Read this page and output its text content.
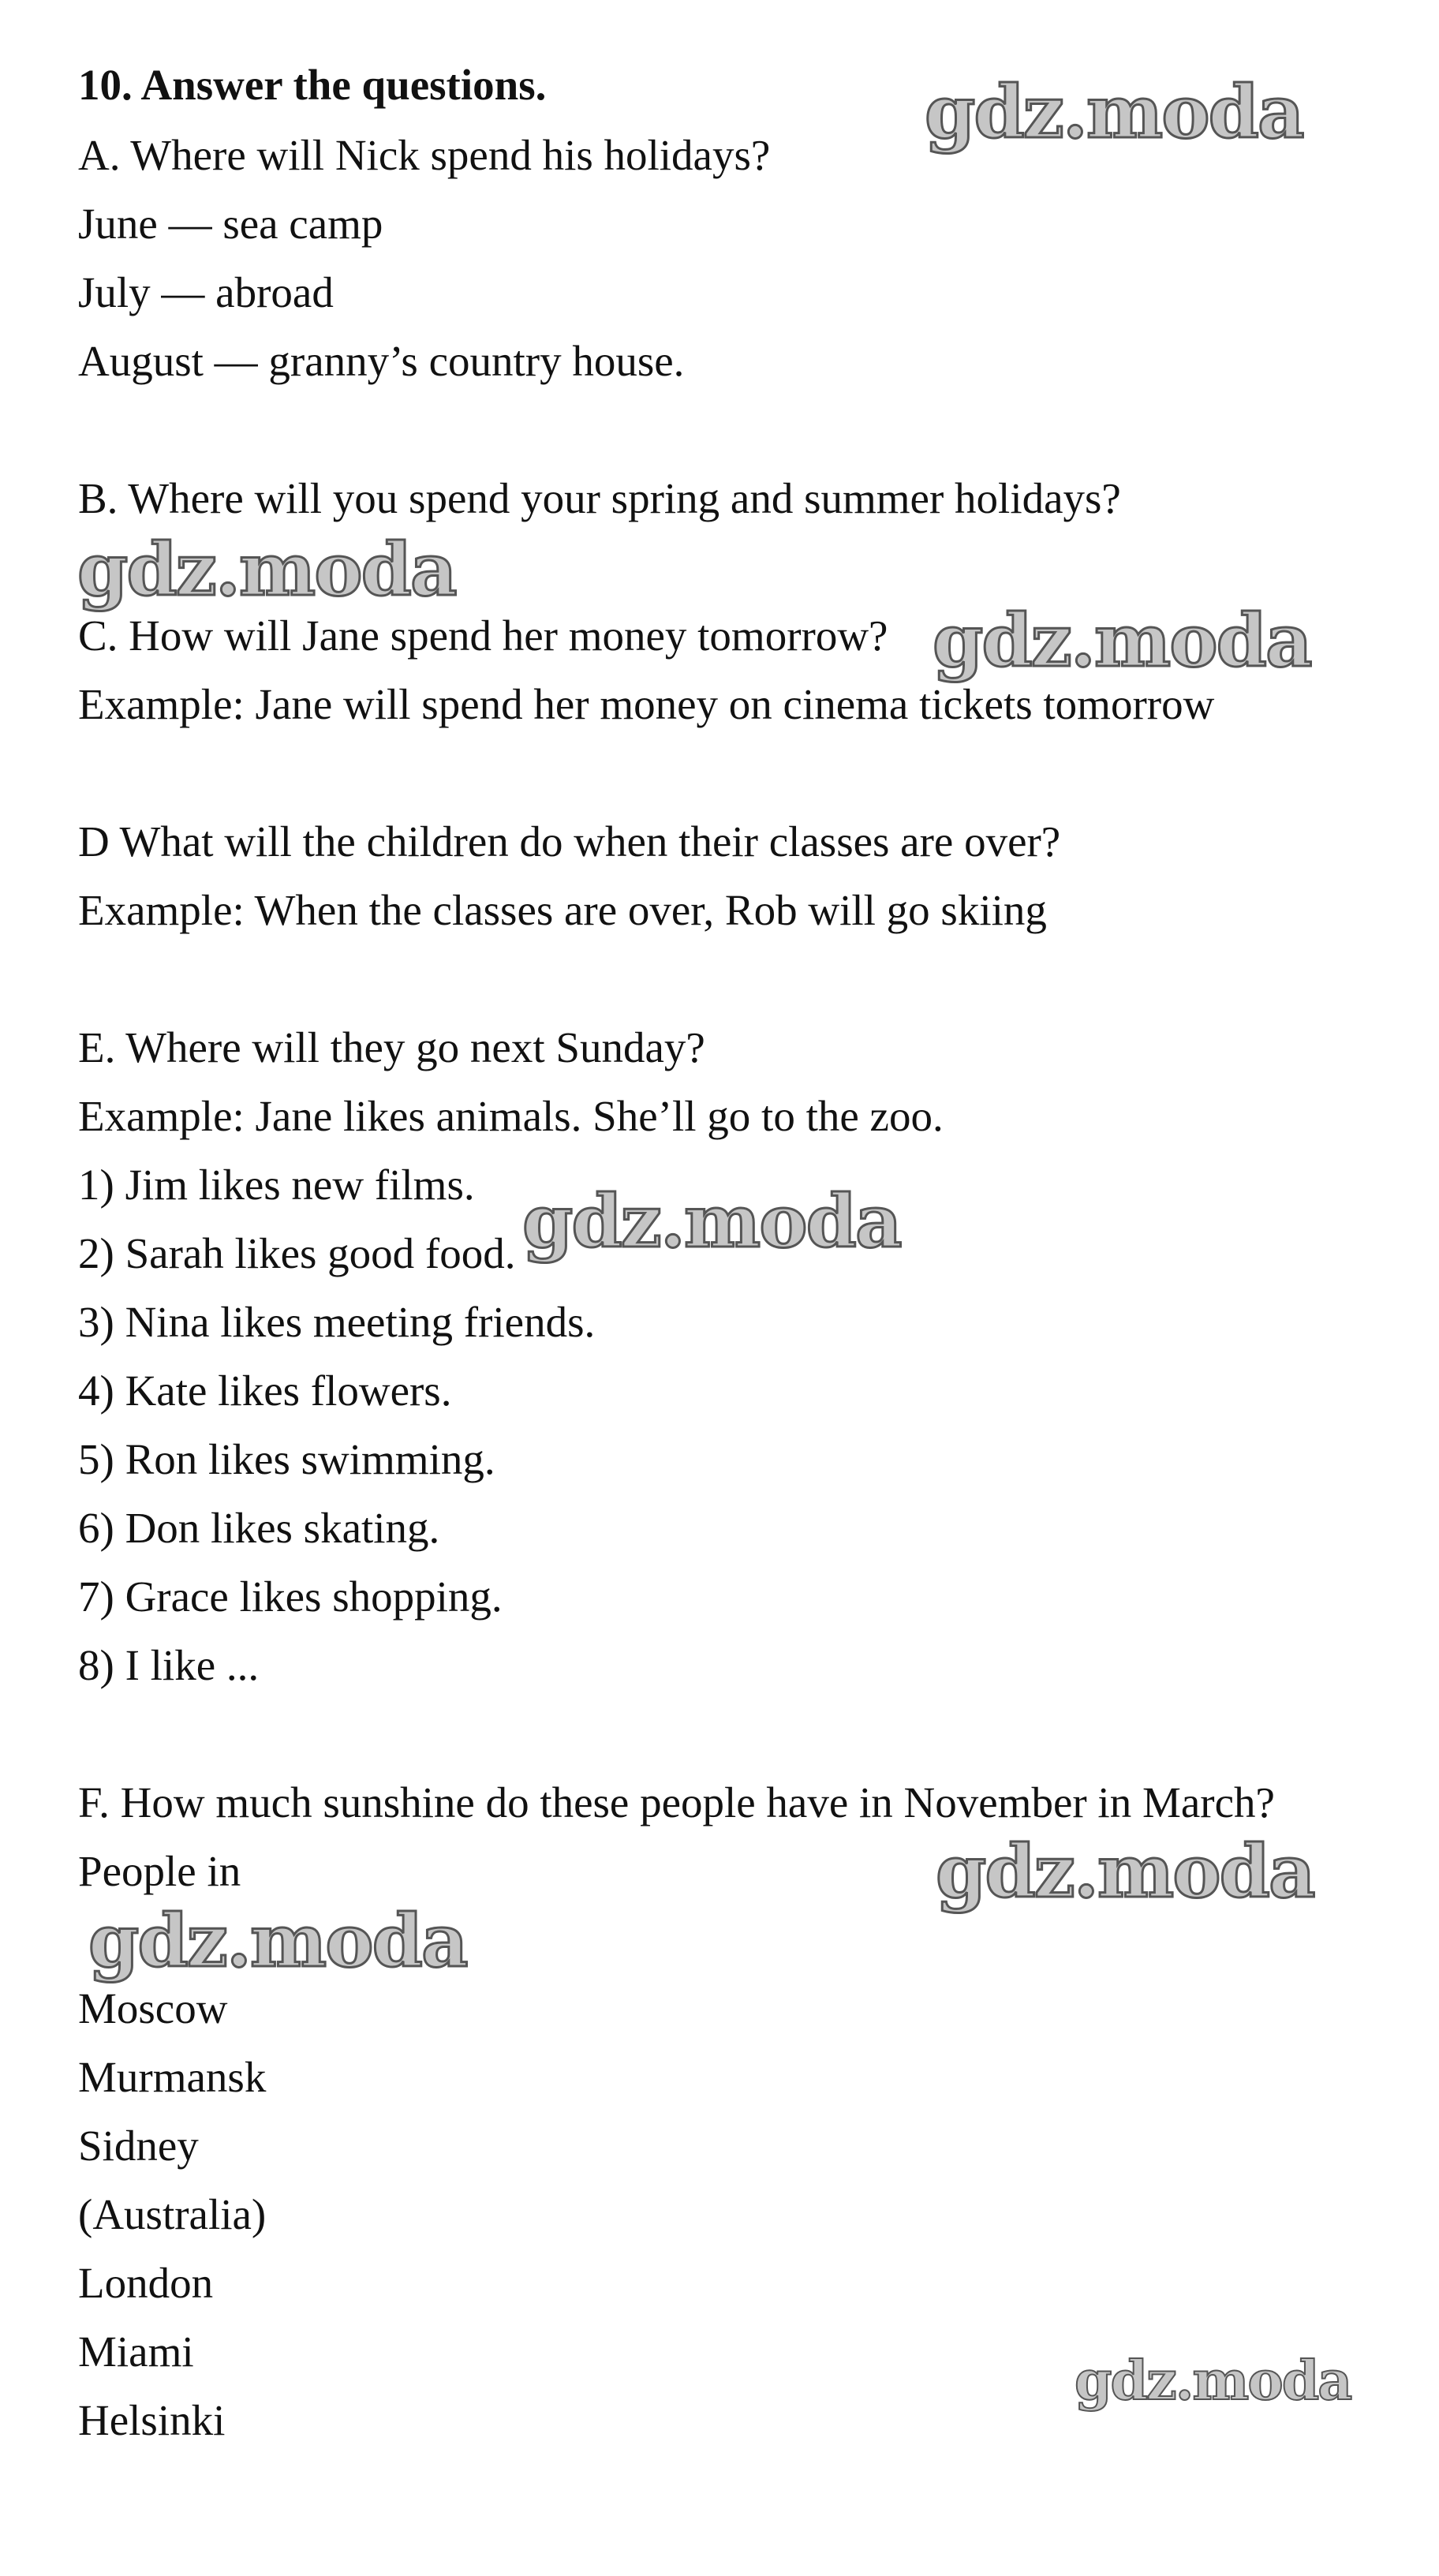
10. Answer the questions.
A. Where will Nick spend his holidays?
June — sea camp
July — abroad
August — granny’s country house.
B. Where will you spend your spring and summer holidays?
C. How will Jane spend her money tomorrow?
Example: Jane will spend her money on cinema tickets tomorrow
D What will the children do when their classes are over?
Example: When the classes are over, Rob will go skiing
E. Where will they go next Sunday?
Example: Jane likes animals. She’ll go to the zoo.
1) Jim likes new films.
2) Sarah likes good food.
3) Nina likes meeting friends.
4) Kate likes flowers.
5) Ron likes swimming.
6) Don likes skating.
7) Grace likes shopping.
8) I like ...
F. How much sunshine do these people have in November in March?
People in
Moscow
Murmansk
Sidney
(Australia)
London
Miami
Helsinki
gdz.moda
gdz.moda
gdz.moda
gdz.moda
gdz.moda
gdz.moda
gdz.moda
